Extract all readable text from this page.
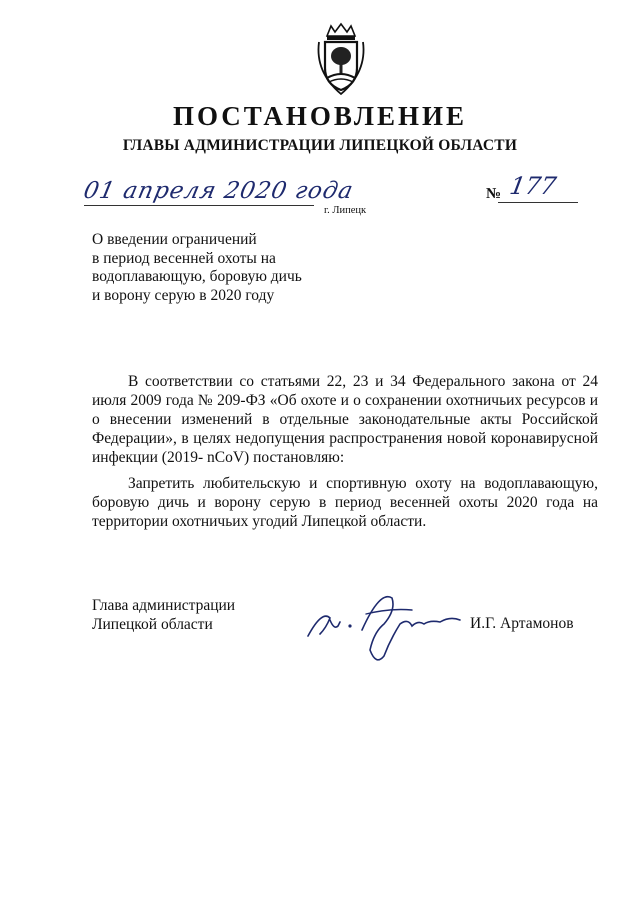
ПОСТАНОВЛЕНИЕ
ГЛАВЫ АДМИНИСТРАЦИИ ЛИПЕЦКОЙ ОБЛАСТИ
01 апреля 2020 года
г. Липецк
№ 177
О введении ограничений
в период весенней охоты на
водоплавающую, боровую дичь
и ворону серую в 2020 году

В соответствии со статьями 22, 23 и 34 Федерального закона от 24 июля 2009 года № 209-ФЗ «Об охоте и о сохранении охотничьих ресурсов и о внесении изменений в отдельные законодательные акты Российской Федерации», в целях недопущения распространения новой коронавирусной инфекции (2019- nCoV) постановляю:

Запретить любительскую и спортивную охоту на водоплавающую, боровую дичь и ворону серую в период весенней охоты 2020 года на территории охотничьих угодий Липецкой области.

Глава администрации
Липецкой области	И.Г. Артамонов
